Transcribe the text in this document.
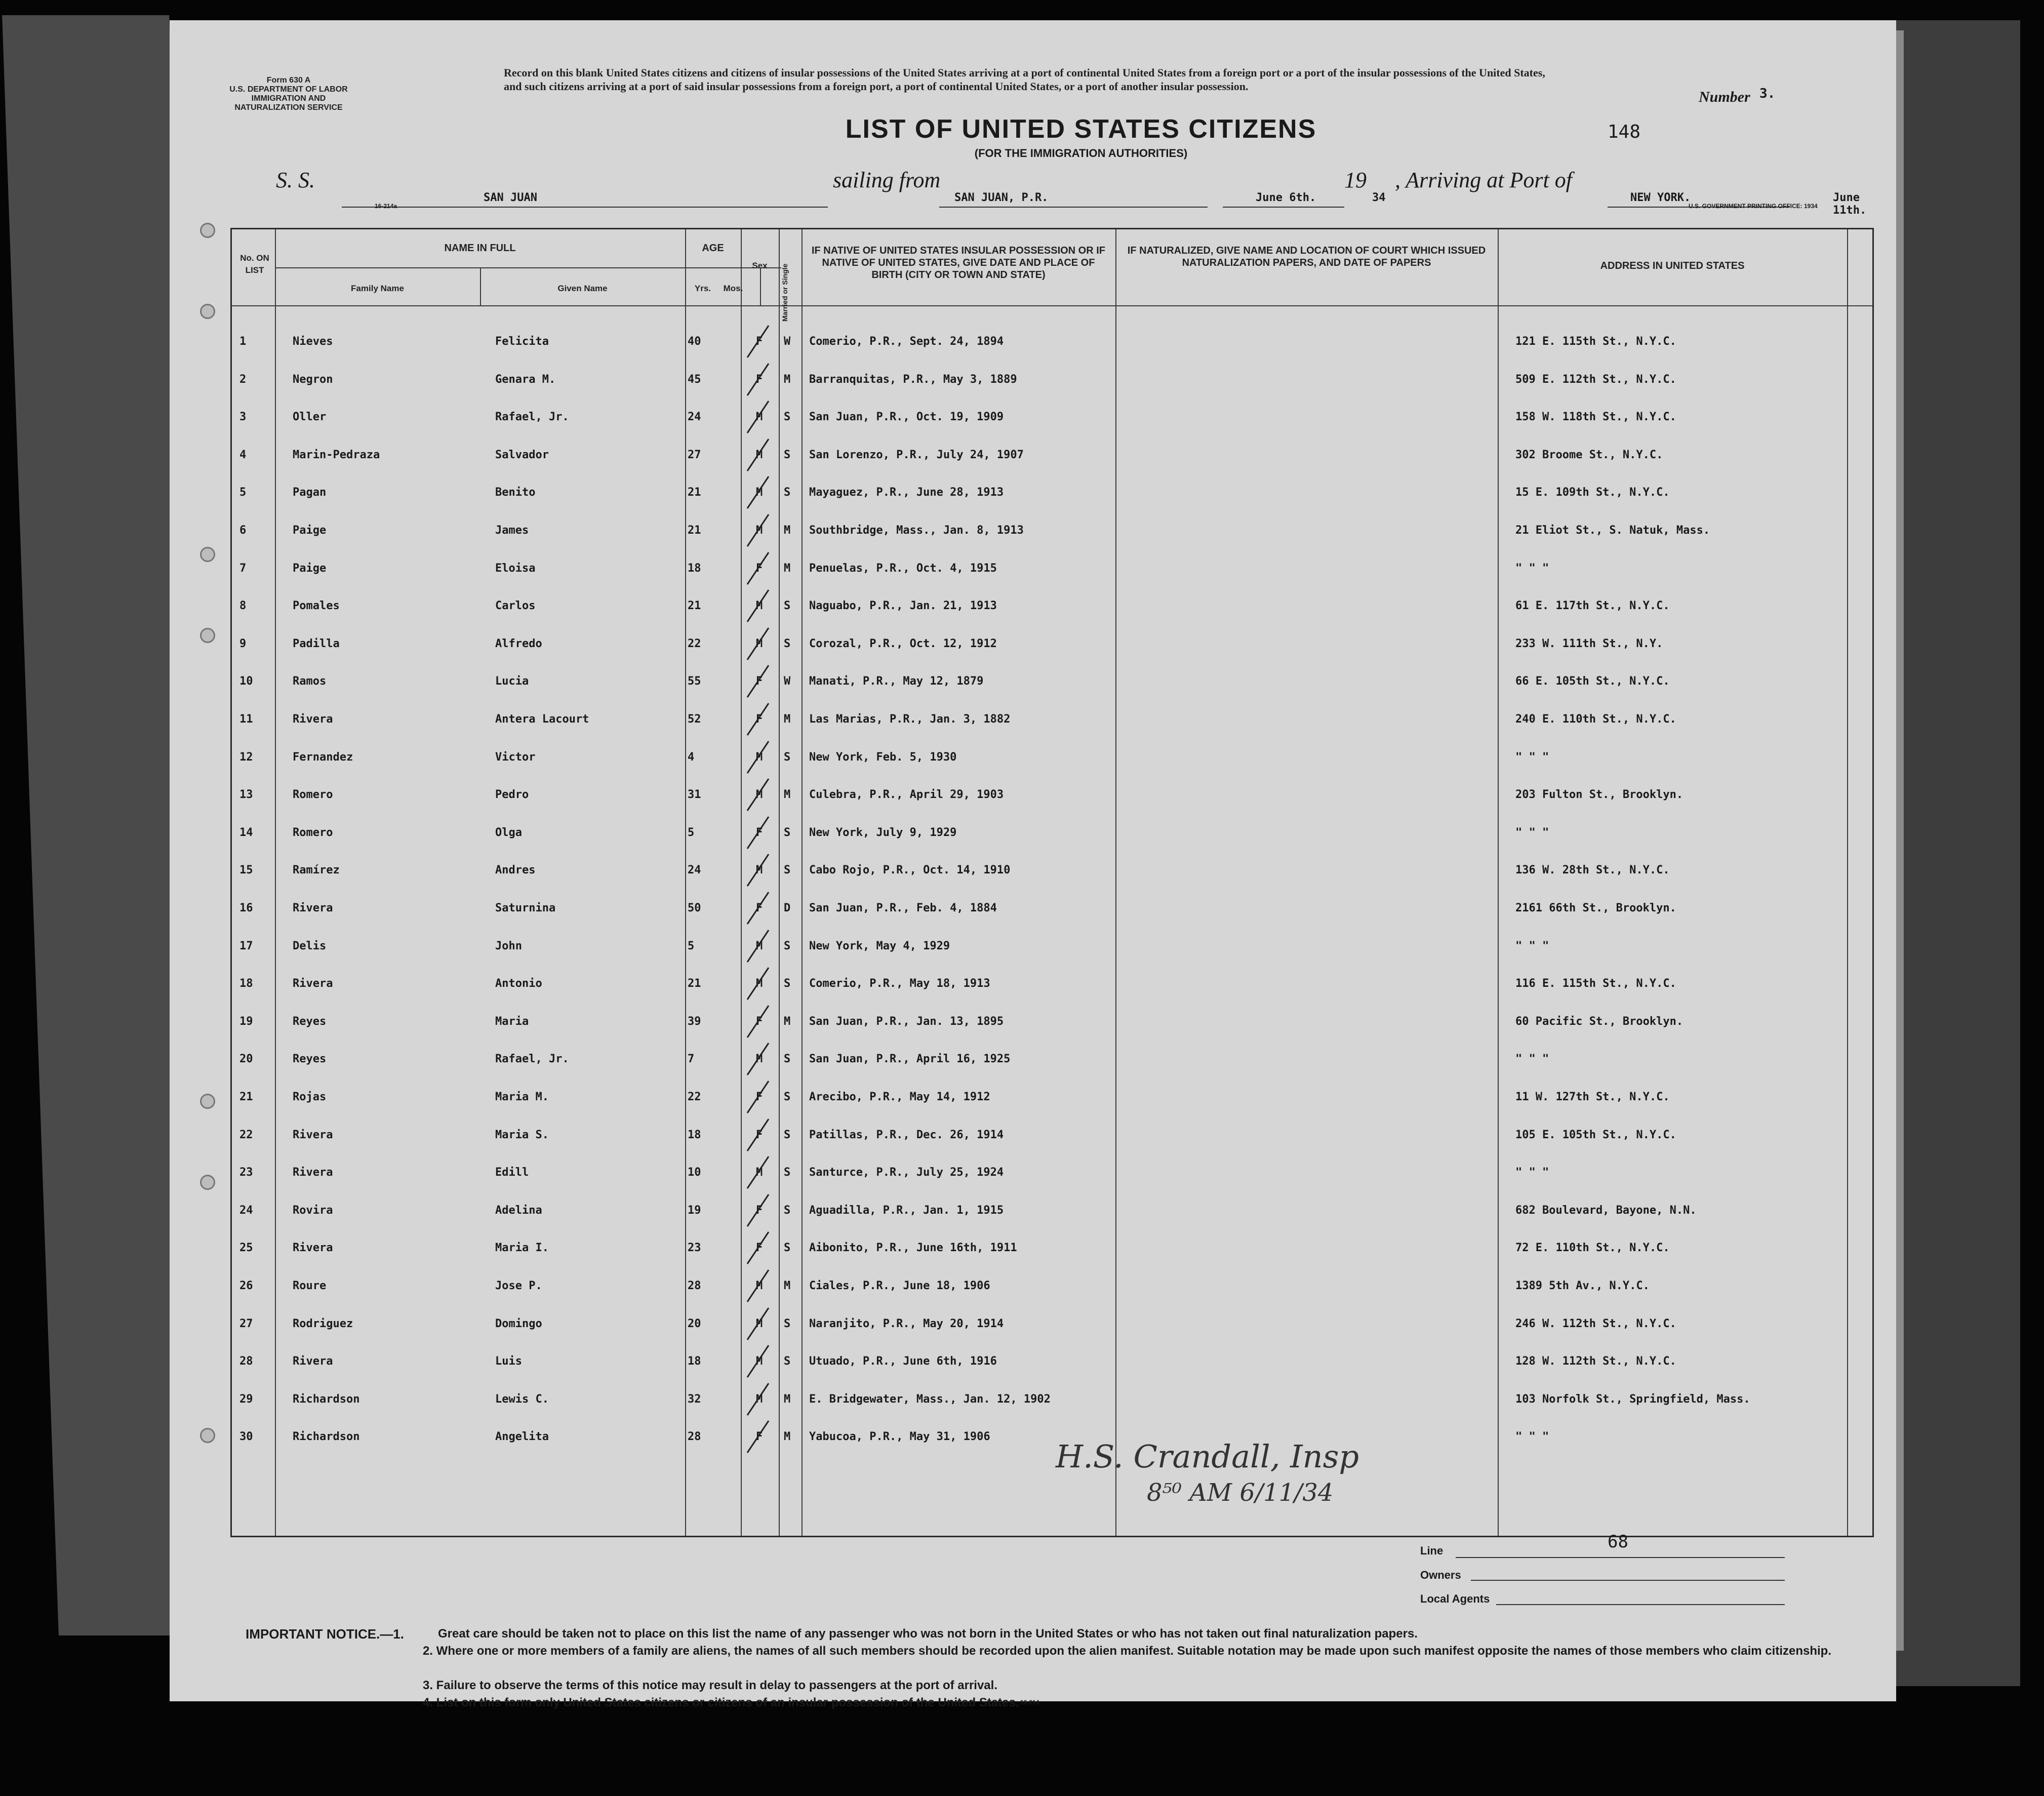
Form 630 A
U.S. DEPARTMENT OF LABOR
IMMIGRATION AND
NATURALIZATION SERVICE
Record on this blank United States citizens and citizens of insular possessions of the United States arriving at a port of continental United States from a foreign port or a port of the insular possessions of the United States, and such citizens arriving at a port of said insular possessions from a foreign port, a port of continental United States, or a port of another insular possession.
Number 3.
LIST OF UNITED STATES CITIZENS
(FOR THE IMMIGRATION AUTHORITIES)
148
S. S.
SAN JUAN
sailing from
SAN JUAN, P.R.	June 6th.
19
34
, Arriving at Port of
NEW YORK.	June 11th.
U.S. GOVERNMENT PRINTING OFFICE: 1934
16-214a
No. ON LIST
NAME IN FULL
Family Name	Given Name
AGE
Yrs.	Mos.
Sex	Married or Single
IF NATIVE OF UNITED STATES INSULAR POSSESSION OR IF NATIVE OF UNITED STATES, GIVE DATE AND PLACE OF BIRTH (CITY OR TOWN AND STATE)
IF NATURALIZED, GIVE NAME AND LOCATION OF COURT WHICH ISSUED NATURALIZATION PAPERS, AND DATE OF PAPERS	ADDRESS IN UNITED STATES
1	Nieves	Felicita	40	F W Comerio, P.R., Sept. 24, 1894	121 E. 115th St., N.Y.C.
2	Negron	Genara M.	45	F M Barranquitas, P.R., May 3, 1889	509 E. 112th St., N.Y.C.
3	Oller	Rafael, Jr.	24	M S San Juan, P.R., Oct. 19, 1909	158 W. 118th St., N.Y.C.
4	Marin-Pedraza	Salvador	27	M S San Lorenzo, P.R., July 24, 1907	302 Broome St., N.Y.C.
5	Pagan	Benito	21	M S Mayaguez, P.R., June 28, 1913	15 E. 109th St., N.Y.C.
6	Paige	James	21	M M Southbridge, Mass., Jan. 8, 1913	21 Eliot St., S. Natuk, Mass.
7	Paige	Eloisa	18	F M Penuelas, P.R., Oct. 4, 1915	" " "
8	Pomales	Carlos	21	M S Naguabo, P.R., Jan. 21, 1913	61 E. 117th St., N.Y.C.
9	Padilla	Alfredo	22	M S Corozal, P.R., Oct. 12, 1912	233 W. 111th St., N.Y.
10	Ramos	Lucia	55	F W Manati, P.R., May 12, 1879	66 E. 105th St., N.Y.C.
11	Rivera	Antera Lacourt	52	F M Las Marias, P.R., Jan. 3, 1882	240 E. 110th St., N.Y.C.
12	Fernandez	Victor	4	M S New York, Feb. 5, 1930	" " "
13	Romero	Pedro	31	M M Culebra, P.R., April 29, 1903	203 Fulton St., Brooklyn.
14	Romero	Olga	5	F S New York, July 9, 1929	" " "
15	Ramírez	Andres	24	M S Cabo Rojo, P.R., Oct. 14, 1910	136 W. 28th St., N.Y.C.
16	Rivera	Saturnina	50	F D San Juan, P.R., Feb. 4, 1884	2161 66th St., Brooklyn.
17	Delis	John	5	M S New York, May 4, 1929	" " "
18	Rivera	Antonio	21	M S Comerio, P.R., May 18, 1913	116 E. 115th St., N.Y.C.
19	Reyes	Maria	39	F M San Juan, P.R., Jan. 13, 1895	60 Pacific St., Brooklyn.
20	Reyes	Rafael, Jr.	7	M S San Juan, P.R., April 16, 1925	" " "
21	Rojas	Maria M.	22	F S Arecibo, P.R., May 14, 1912	11 W. 127th St., N.Y.C.
22	Rivera	Maria S.	18	F S Patillas, P.R., Dec. 26, 1914	105 E. 105th St., N.Y.C.
23	Rivera	Edill	10	M S Santurce, P.R., July 25, 1924	" " "
24	Rovira	Adelina	19	F S Aguadilla, P.R., Jan. 1, 1915	682 Boulevard, Bayone, N.N.
25	Rivera	Maria I.	23	F S Aibonito, P.R., June 16th, 1911	72 E. 110th St., N.Y.C.
26	Roure	Jose P.	28	M M Ciales, P.R., June 18, 1906	1389 5th Av., N.Y.C.
27	Rodriguez	Domingo	20	M S Naranjito, P.R., May 20, 1914	246 W. 112th St., N.Y.C.
28	Rivera	Luis	18	M S Utuado, P.R., June 6th, 1916	128 W. 112th St., N.Y.C.
29	Richardson	Lewis C.	32	M M E. Bridgewater, Mass., Jan. 12, 1902	103 Norfolk St., Springfield, Mass.
30	Richardson	Angelita	28	F M Yabucoa, P.R., May 31, 1906	" " "
H.S. Crandall, Insp
8⁵⁰ AM 6/11/34
Line	68
Owners
Local Agents
IMPORTANT NOTICE.—1.	Great care should be taken not to place on this list the name of any passenger who was not born in the United States or who has not taken out final naturalization papers.
2. Where one or more members of a family are aliens, the names of all such members should be recorded upon the alien manifest. Suitable notation may be made upon such manifest opposite the names of those members who claim citizenship.
3. Failure to observe the terms of this notice may result in delay to passengers at the port of arrival.
4. List on this form only United States citizens or citizens of an insular possession of the United States. 16-214
